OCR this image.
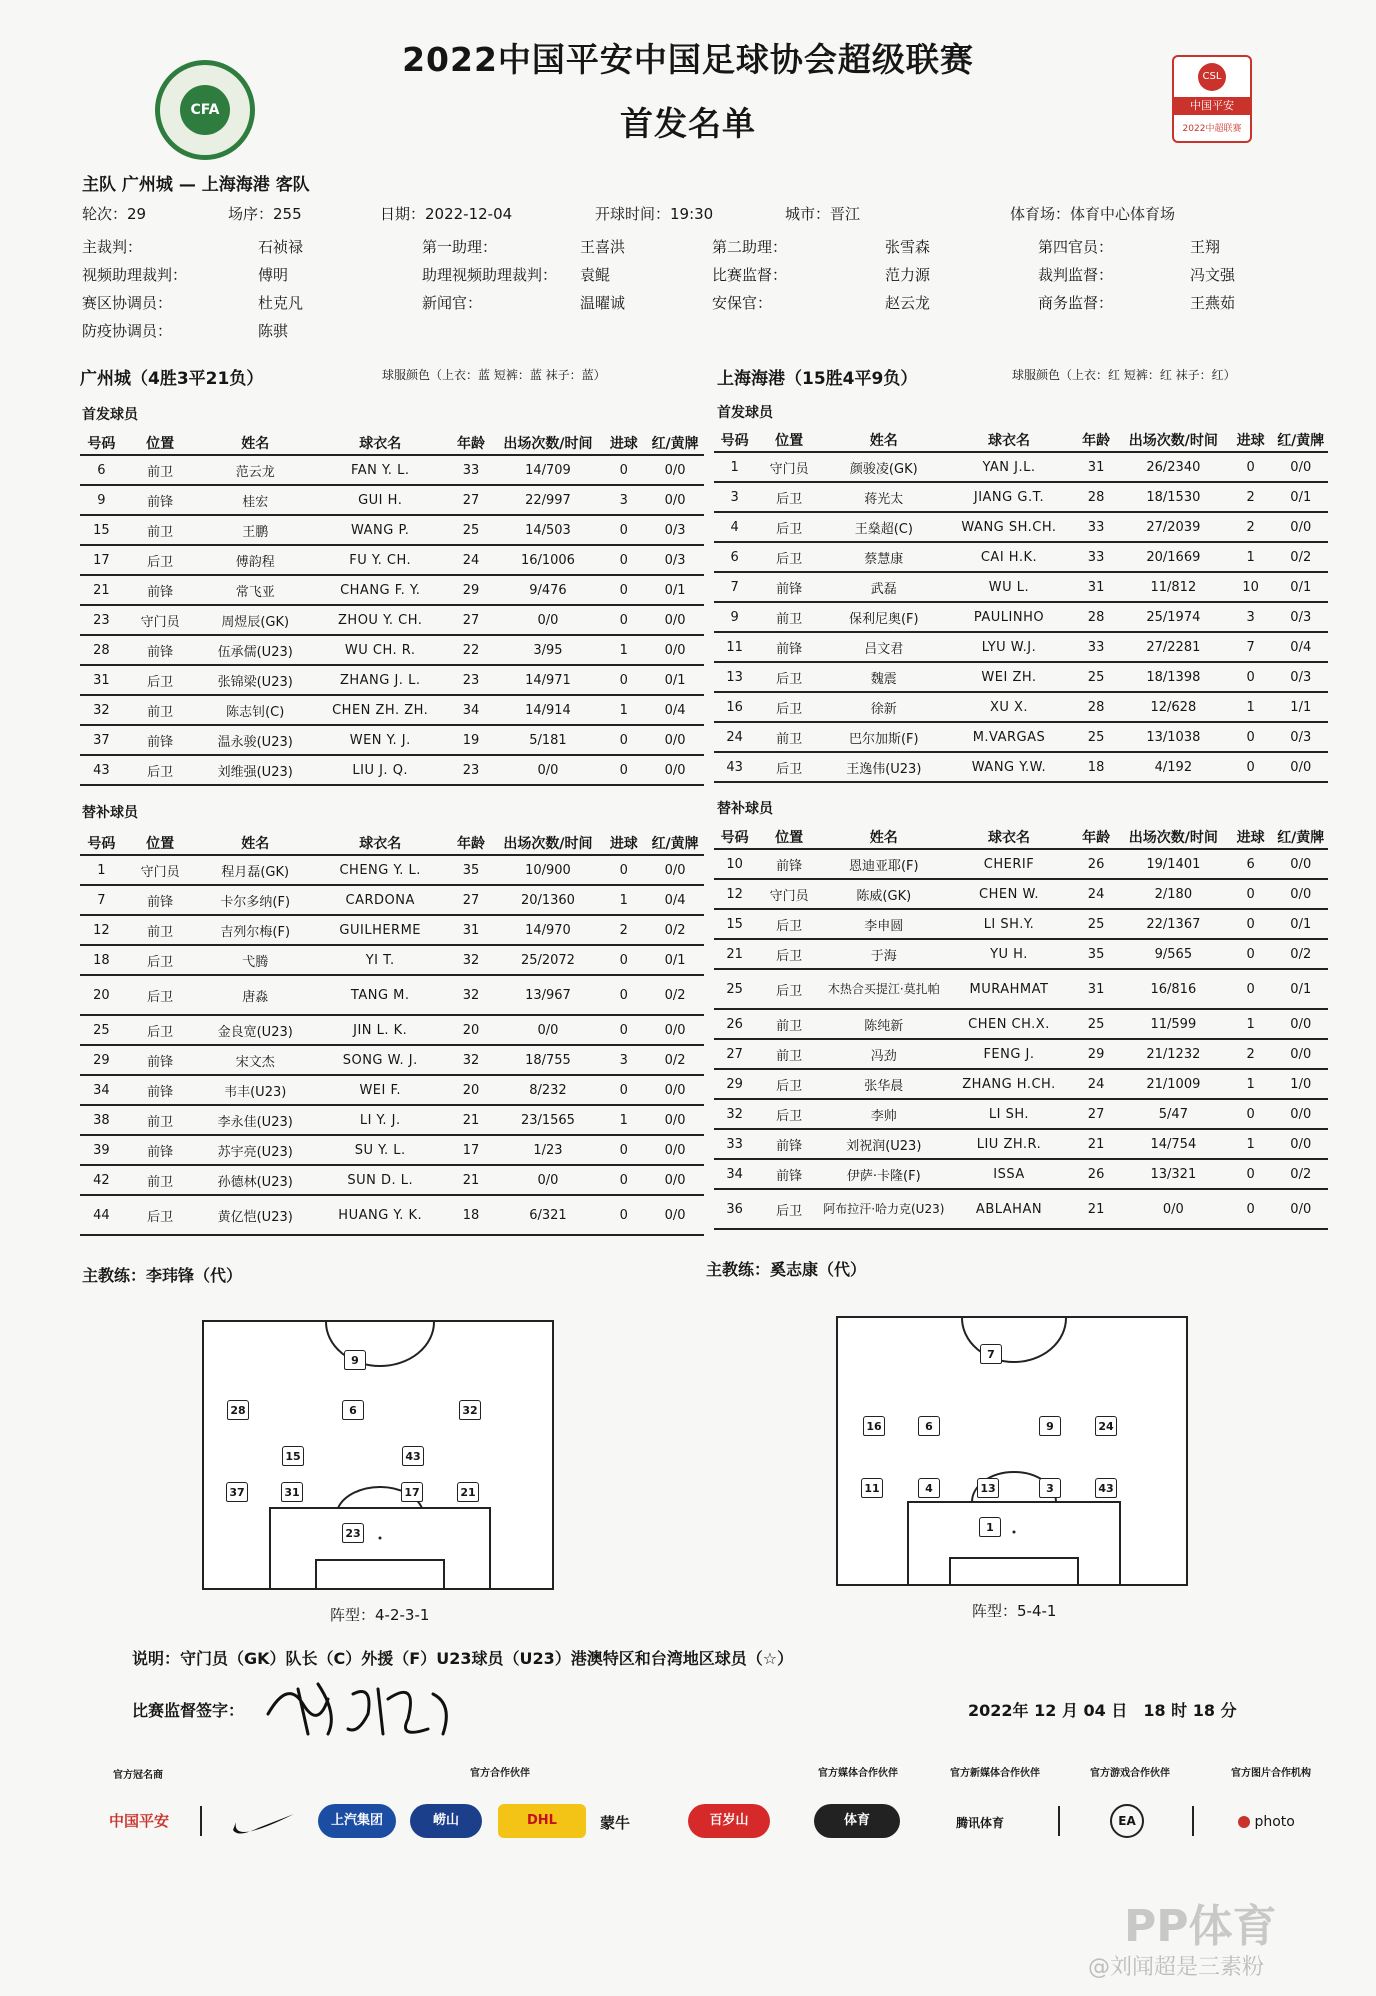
CFA
2022中国平安中国足球协会超级联赛
首发名单
CSL
中国平安
2022中超联赛
主队 广州城 — 上海海港 客队
轮次：29	场序：255	日期：2022-12-04	开球时间：19:30	城市：晋江	体育场：体育中心体育场
主裁判：	石祯禄	第一助理：	王喜洪	第二助理：	张雪森	第四官员：	王翔
视频助理裁判：	傅明	助理视频助理裁判： 袁鲲	比赛监督：	范力源	裁判监督：	冯文强
赛区协调员：	杜克凡	新闻官：	温曜诚	安保官：	赵云龙	商务监督：	王燕茹
防疫协调员：	陈骐
广州城（4胜3平21负）	球服颜色（上衣：蓝 短裤：蓝 袜子：蓝）	上海海港（15胜4平9负）	球服颜色（上衣：红 短裤：红 袜子：红）
首发球员	首发球员
号码	位置	姓名	球衣名	年龄	出场次数/时间	进球	红/黄牌
6	前卫	范云龙	FAN Y. L.	33	14/709	0	0/0
9	前锋	桂宏	GUI H.	27	22/997	3	0/0
15	前卫	王鹏	WANG P.	25	14/503	0	0/3
17	后卫	傅韵程	FU Y. CH.	24	16/1006	0	0/3
21	前锋	常飞亚	CHANG F. Y.	29	9/476	0	0/1
23	守门员	周煜辰(GK)	ZHOU Y. CH.	27	0/0	0	0/0
28	前锋	伍承儒(U23)	WU CH. R.	22	3/95	1	0/0
31	后卫	张锦梁(U23)	ZHANG J. L.	23	14/971	0	0/1
32	前卫	陈志钊(C)	CHEN ZH. ZH.	34	14/914	1	0/4
37	前锋	温永骏(U23)	WEN Y. J.	19	5/181	0	0/0
43	后卫	刘维强(U23)	LIU J. Q.	23	0/0	0	0/0
号码	位置	姓名	球衣名	年龄	出场次数/时间	进球	红/黄牌
1	守门员	颜骏凌(GK)	YAN J.L.	31	26/2340	0	0/0
3	后卫	蒋光太	JIANG G.T.	28	18/1530	2	0/1
4	后卫	王燊超(C)	WANG SH.CH.	33	27/2039	2	0/0
6	后卫	蔡慧康	CAI H.K.	33	20/1669	1	0/2
7	前锋	武磊	WU L.	31	11/812	10	0/1
9	前卫	保利尼奥(F)	PAULINHO	28	25/1974	3	0/3
11	前锋	吕文君	LYU W.J.	33	27/2281	7	0/4
13	后卫	魏震	WEI ZH.	25	18/1398	0	0/3
16	后卫	徐新	XU X.	28	12/628	1	1/1
24	前卫	巴尔加斯(F)	M.VARGAS	25	13/1038	0	0/3
43	后卫	王逸伟(U23)	WANG Y.W.	18	4/192	0	0/0
替补球员	替补球员
号码	位置	姓名	球衣名	年龄	出场次数/时间	进球	红/黄牌
1	守门员	程月磊(GK)	CHENG Y. L.	35	10/900	0	0/0
7	前锋	卡尔多纳(F)	CARDONA	27	20/1360	1	0/4
12	前卫	吉列尔梅(F)	GUILHERME	31	14/970	2	0/2
18	后卫	弋腾	YI T.	32	25/2072	0	0/1
20	后卫	唐淼	TANG M.	32	13/967	0	0/2
25	后卫	金良宽(U23)	JIN L. K.	20	0/0	0	0/0
29	前锋	宋文杰	SONG W. J.	32	18/755	3	0/2
34	前锋	韦丰(U23)	WEI F.	20	8/232	0	0/0
38	前卫	李永佳(U23)	LI Y. J.	21	23/1565	1	0/0
39	前锋	苏宇亮(U23)	SU Y. L.	17	1/23	0	0/0
42	前卫	孙德林(U23)	SUN D. L.	21	0/0	0	0/0
44	后卫	黄亿恺(U23)	HUANG Y. K.	18	6/321	0	0/0
号码	位置	姓名	球衣名	年龄	出场次数/时间	进球	红/黄牌
10	前锋	恩迪亚耶(F)	CHERIF	26	19/1401	6	0/0
12	守门员	陈威(GK)	CHEN W.	24	2/180	0	0/0
15	后卫	李申圆	LI SH.Y.	25	22/1367	0	0/1
21	后卫	于海	YU H.	35	9/565	0	0/2
25	后卫	木热合买提江·莫扎帕	MURAHMAT	31	16/816	0	0/1
26	前卫	陈纯新	CHEN CH.X.	25	11/599	1	0/0
27	前卫	冯劲	FENG J.	29	21/1232	2	0/0
29	后卫	张华晨	ZHANG H.CH.	24	21/1009	1	1/0
32	后卫	李帅	LI SH.	27	5/47	0	0/0
33	前锋	刘祝润(U23)	LIU ZH.R.	21	14/754	1	0/0
34	前锋	伊萨·卡隆(F)	ISSA	26	13/321	0	0/2
36	后卫	阿布拉汗·哈力克(U23)	ABLAHAN	21	0/0	0	0/0
主教练：李玮锋（代）	主教练：奚志康（代）
9
28	6	32
15	43
37	31	17	21
23
7
16	6	9	24
11	4	13	3	43
1
阵型：4-2-3-1	阵型：5-4-1
说明：守门员（GK）队长（C）外援（F）U23球员（U23）港澳特区和台湾地区球员（☆）
比赛监督签字：	2022年 12 月 04 日　18 时 18 分
官方冠名商
中国平安
官方合作伙伴
上汽集团	崂山	DHL	蒙牛	百岁山
官方媒体合作伙伴
体育
官方新媒体合作伙伴
腾讯体育
官方游戏合作伙伴
EA
官方图片合作机构
photo
PP体育
@刘闻超是三素粉
